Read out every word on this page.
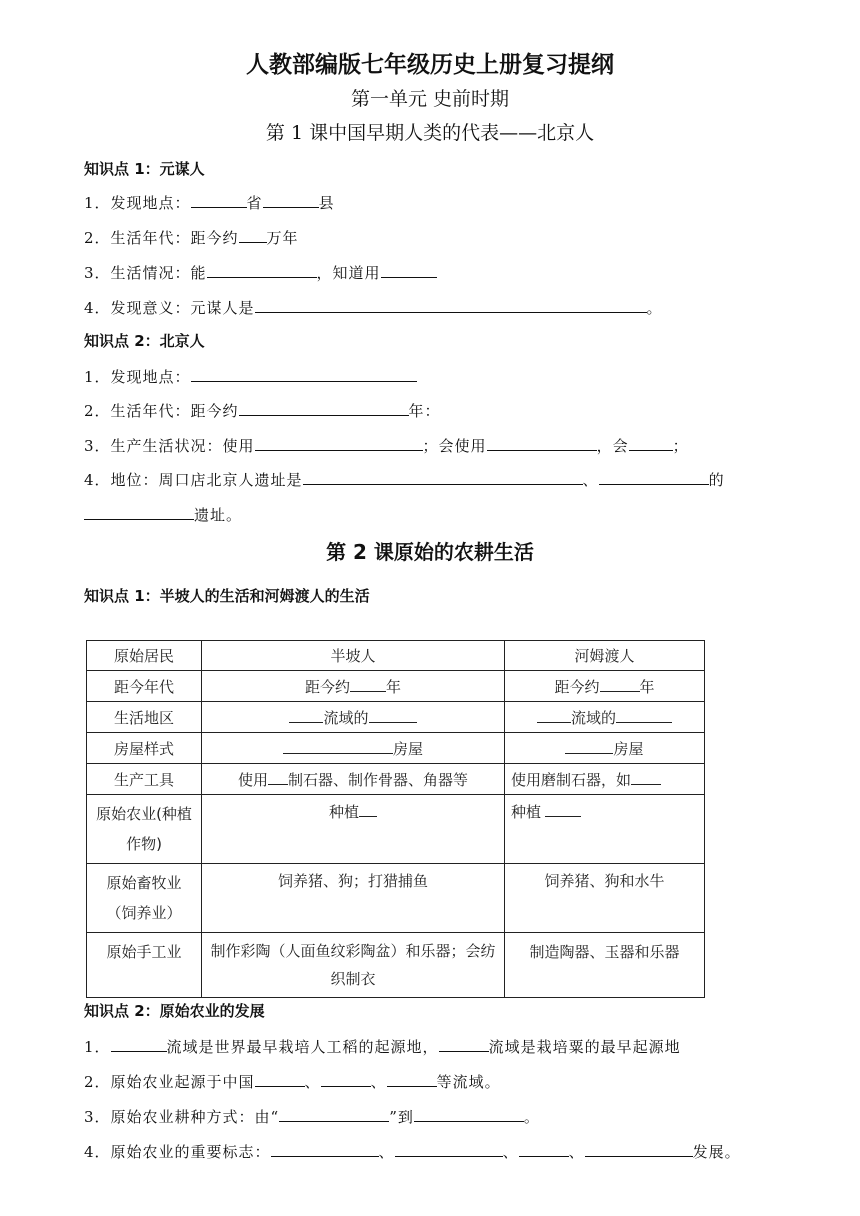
人教部编版七年级历史上册复习提纲
第一单元 史前时期
第 1 课中国早期人类的代表——北京人
知识点 1：元谋人
1．发现地点：	省	县
2．生活年代：距今约 万年
3．生活情况：能	，知道用
4．发现意义：元谋人是	。
知识点 2：北京人
1．发现地点：
2．生活年代：距今约	年：
3．生产生活状况：使用	；会使用	，会	；
4．地位：周口店北京人遗址是	、	的
遗址。
第 2 课原始的农耕生活
知识点 1：半坡人的生活和河姆渡人的生活
原始居民	半坡人	河姆渡人
距今年代	距今约 年	距今约 年
生活地区	流域的	流域的
房屋样式	房屋	房屋
生产工具	使用 制石器、制作骨器、角器等	使用磨制石器，如
原始农业(种植作物)	种植	种植
原始畜牧业（饲养业）	饲养猪、狗；打猎捕鱼	饲养猪、狗和水牛
原始手工业	制作彩陶（人面鱼纹彩陶盆）和乐器；会纺织制衣	制造陶器、玉器和乐器
知识点 2：原始农业的发展
1．	流域是世界最早栽培人工稻的起源地，	流域是栽培粟的最早起源地
2．原始农业起源于中国	、	、	等流域。
3．原始农业耕种方式：由“	”到	。
4．原始农业的重要标志：	、	、	、	发展。
